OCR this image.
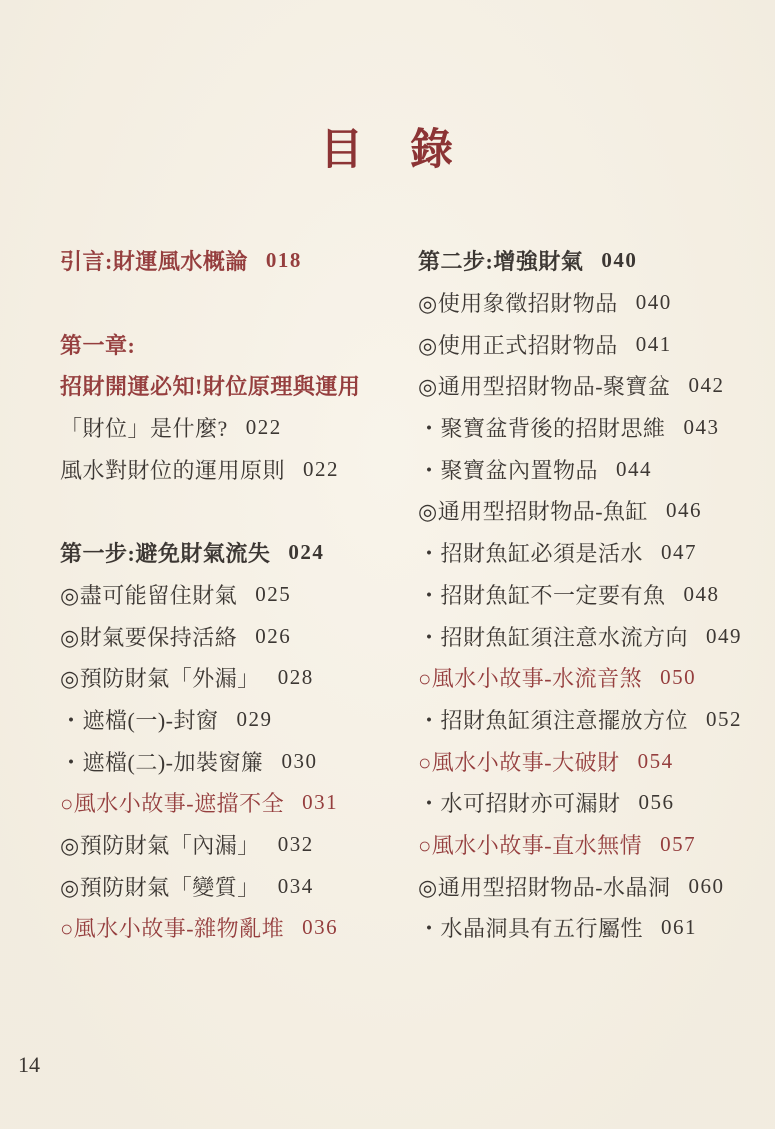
目　錄
引言:財運風水概論 018
第一章:
招財開運必知!財位原理與運用
「財位」是什麼? 022
風水對財位的運用原則 022
第一步:避免財氣流失 024
◎盡可能留住財氣 025
◎財氣要保持活絡 026
◎預防財氣「外漏」 028
・遮檔(一)-封窗 029
・遮檔(二)-加裝窗簾 030
○風水小故事-遮擋不全 031
◎預防財氣「內漏」 032
◎預防財氣「變質」 034
○風水小故事-雜物亂堆 036
第二步:增強財氣 040
◎使用象徵招財物品 040
◎使用正式招財物品 041
◎通用型招財物品-聚寶盆 042
・聚寶盆背後的招財思維 043
・聚寶盆內置物品 044
◎通用型招財物品-魚缸 046
・招財魚缸必須是活水 047
・招財魚缸不一定要有魚 048
・招財魚缸須注意水流方向 049
○風水小故事-水流音煞 050
・招財魚缸須注意擺放方位 052
○風水小故事-大破財 054
・水可招財亦可漏財 056
○風水小故事-直水無情 057
◎通用型招財物品-水晶洞 060
・水晶洞具有五行屬性 061
14
